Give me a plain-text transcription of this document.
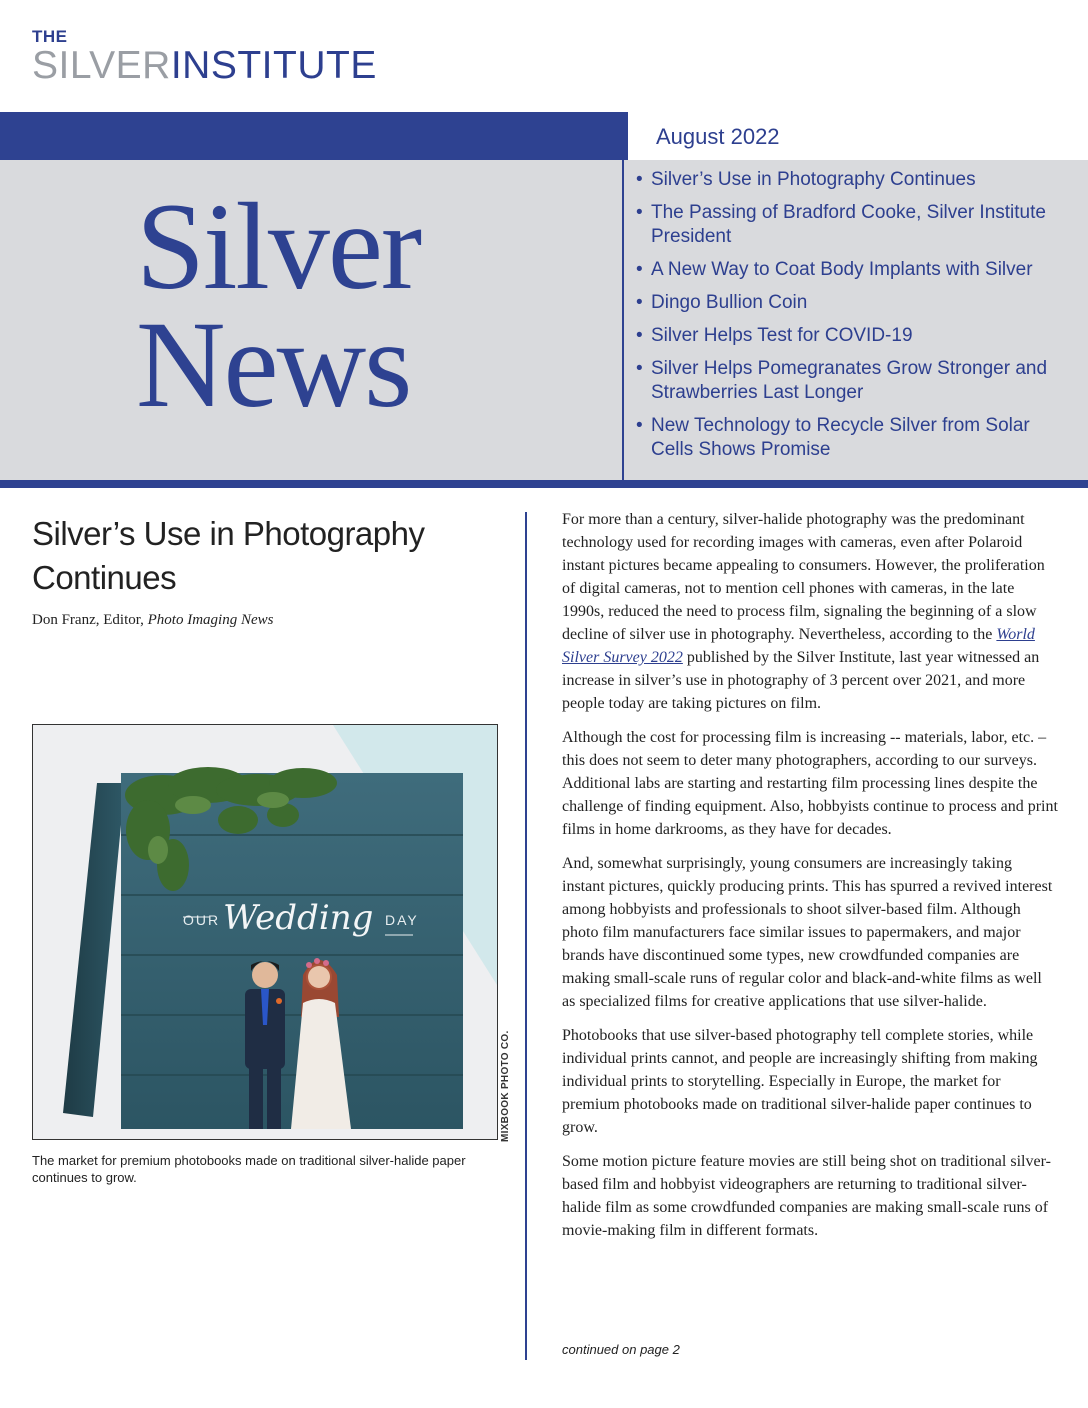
THE
SILVERINSTITUTE
August 2022
Silver
News
• Silver’s Use in Photography Continues
• The Passing of Bradford Cooke, Silver Institute President
• A New Way to Coat Body Implants with Silver
• Dingo Bullion Coin
• Silver Helps Test for COVID-19
• Silver Helps Pomegranates Grow Stronger and Strawberries Last Longer
• New Technology to Recycle Silver from Solar Cells Shows Promise
Silver’s Use in Photography Continues
Don Franz, Editor, Photo Imaging News
OUR Wedding DAY
MIXBOOK PHOTO CO.
The market for premium photobooks made on traditional silver-halide paper continues to grow.

For more than a century, silver-halide photography was the predominant technology used for recording images with cameras, even after Polaroid instant pictures became appealing to consumers. However, the proliferation of digital cameras, not to mention cell phones with cameras, in the late 1990s, reduced the need to process film, signaling the beginning of a slow decline of silver use in photography. Nevertheless, according to the World Silver Survey 2022 published by the Silver Institute, last year witnessed an increase in silver’s use in photography of 3 percent over 2021, and more people today are taking pictures on film.

Although the cost for processing film is increasing -- materials, labor, etc. – this does not seem to deter many photographers, according to our surveys. Additional labs are starting and restarting film processing lines despite the challenge of finding equipment. Also, hobbyists continue to process and print films in home darkrooms, as they have for decades.

And, somewhat surprisingly, young consumers are increasingly taking instant pictures, quickly producing prints. This has spurred a revived interest among hobbyists and professionals to shoot silver-based film. Although photo film manufacturers face similar issues to papermakers, and major brands have discontinued some types, new crowdfunded companies are making small-scale runs of regular color and black-and-white films as well as specialized films for creative applications that use silver-halide.

Photobooks that use silver-based photography tell complete stories, while individual prints cannot, and people are increasingly shifting from making individual prints to storytelling. Especially in Europe, the market for premium photobooks made on traditional silver-halide paper continues to grow.

Some motion picture feature movies are still being shot on traditional silver-based film and hobbyist videographers are returning to traditional silver-halide film as some crowdfunded companies are making small-scale runs of movie-making film in different formats.

continued on page 2
